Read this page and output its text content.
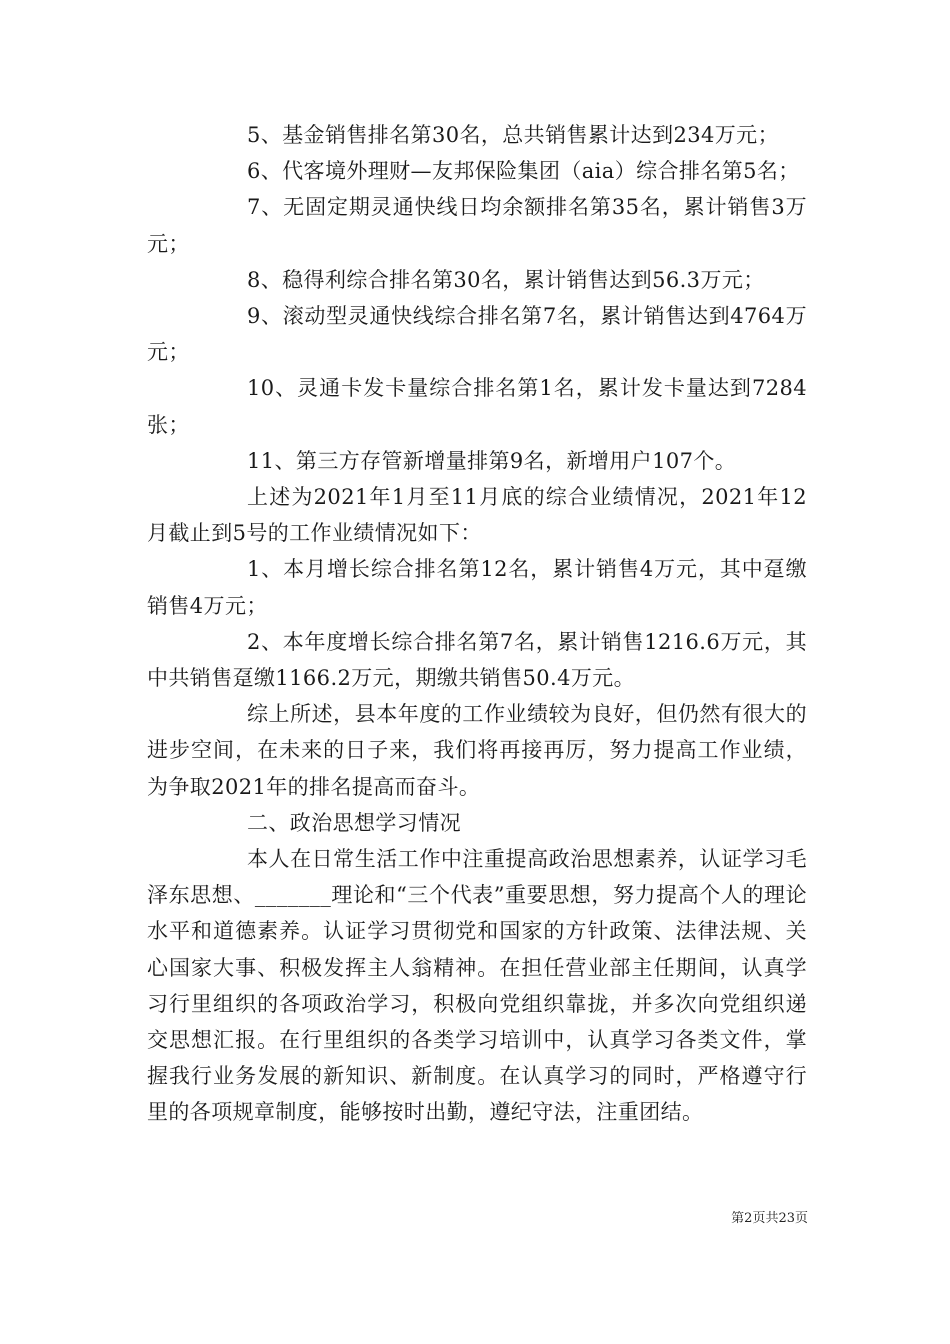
5、基金销售排名第30名，总共销售累计达到234万元；

6、代客境外理财—友邦保险集团（aia）综合排名第5名；

7、无固定期灵通快线日均余额排名第35名，累计销售3万元；

8、稳得利综合排名第30名，累计销售达到56.3万元；

9、滚动型灵通快线综合排名第7名，累计销售达到4764万元；

10、灵通卡发卡量综合排名第1名，累计发卡量达到7284张；

11、第三方存管新增量排第9名，新增用户107个。

上述为2021年1月至11月底的综合业绩情况，2021年12月截止到5号的工作业绩情况如下：

1、本月增长综合排名第12名，累计销售4万元，其中趸缴销售4万元；

2、本年度增长综合排名第7名，累计销售1216.6万元，其中共销售趸缴1166.2万元，期缴共销售50.4万元。

综上所述，县本年度的工作业绩较为良好，但仍然有很大的进步空间，在未来的日子来，我们将再接再厉，努力提高工作业绩，为争取2021年的排名提高而奋斗。

二、政治思想学习情况

本人在日常生活工作中注重提高政治思想素养，认证学习毛泽东思想、_______理论和“三个代表”重要思想，努力提高个人的理论水平和道德素养。认证学习贯彻党和国家的方针政策、法律法规、关心国家大事、积极发挥主人翁精神。在担任营业部主任期间，认真学习行里组织的各项政治学习，积极向党组织靠拢，并多次向党组织递交思想汇报。在行里组织的各类学习培训中，认真学习各类文件，掌握我行业务发展的新知识、新制度。在认真学习的同时，严格遵守行里的各项规章制度，能够按时出勤，遵纪守法，注重团结。

第2页共23页
